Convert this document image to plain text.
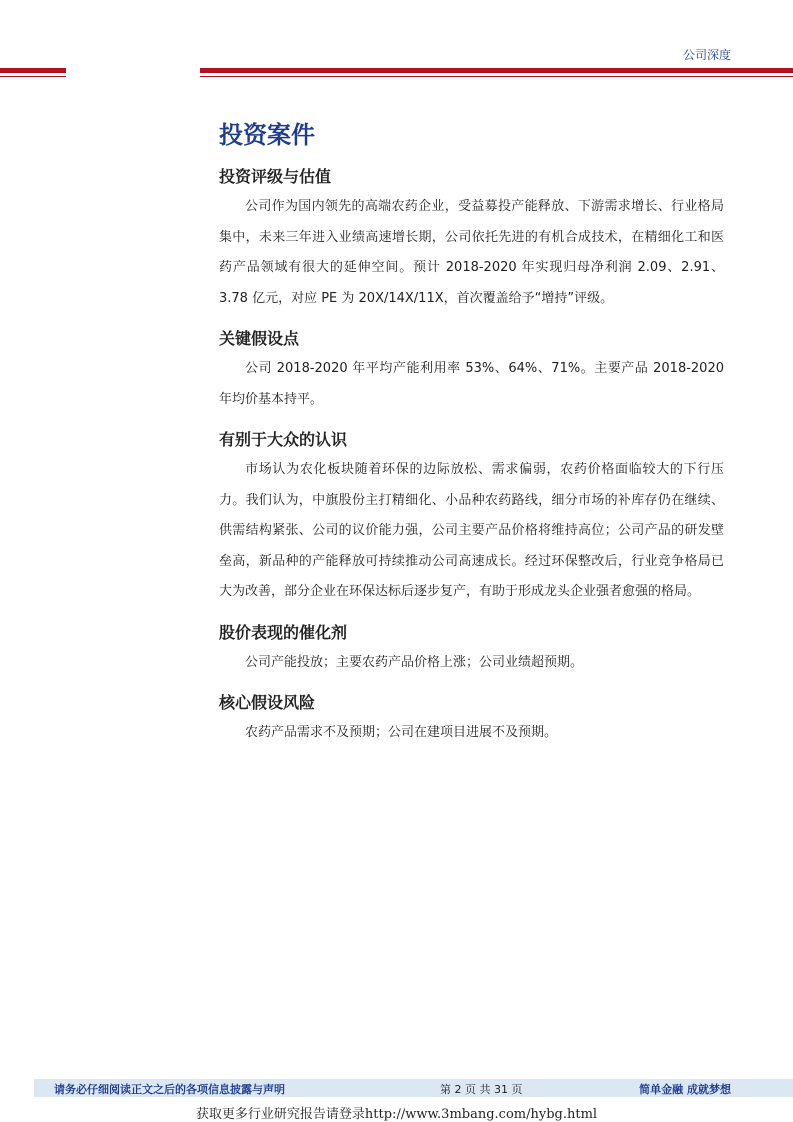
公司深度
投资案件
投资评级与估值

公司作为国内领先的高端农药企业，受益募投产能释放、下游需求增长、行业格局集中，未来三年进入业绩高速增长期，公司依托先进的有机合成技术，在精细化工和医药产品领域有很大的延伸空间。预计 2018-2020 年实现归母净利润 2.09、2.91、3.78 亿元，对应 PE 为 20X/14X/11X，首次覆盖给予“增持”评级。

关键假设点

公司 2018-2020 年平均产能利用率 53%、64%、71%。主要产品 2018-2020 年均价基本持平。

有别于大众的认识

市场认为农化板块随着环保的边际放松、需求偏弱，农药价格面临较大的下行压力。我们认为，中旗股份主打精细化、小品种农药路线，细分市场的补库存仍在继续、供需结构紧张、公司的议价能力强，公司主要产品价格将维持高位；公司产品的研发壁垒高，新品种的产能释放可持续推动公司高速成长。经过环保整改后，行业竞争格局已大为改善，部分企业在环保达标后逐步复产，有助于形成龙头企业强者愈强的格局。

股价表现的催化剂

公司产能投放；主要农药产品价格上涨；公司业绩超预期。

核心假设风险

农药产品需求不及预期；公司在建项目进展不及预期。

请务必仔细阅读正文之后的各项信息披露与声明	第 2 页 共 31 页	简单金融 成就梦想
获取更多行业研究报告请登录http://www.3mbang.com/hybg.html
